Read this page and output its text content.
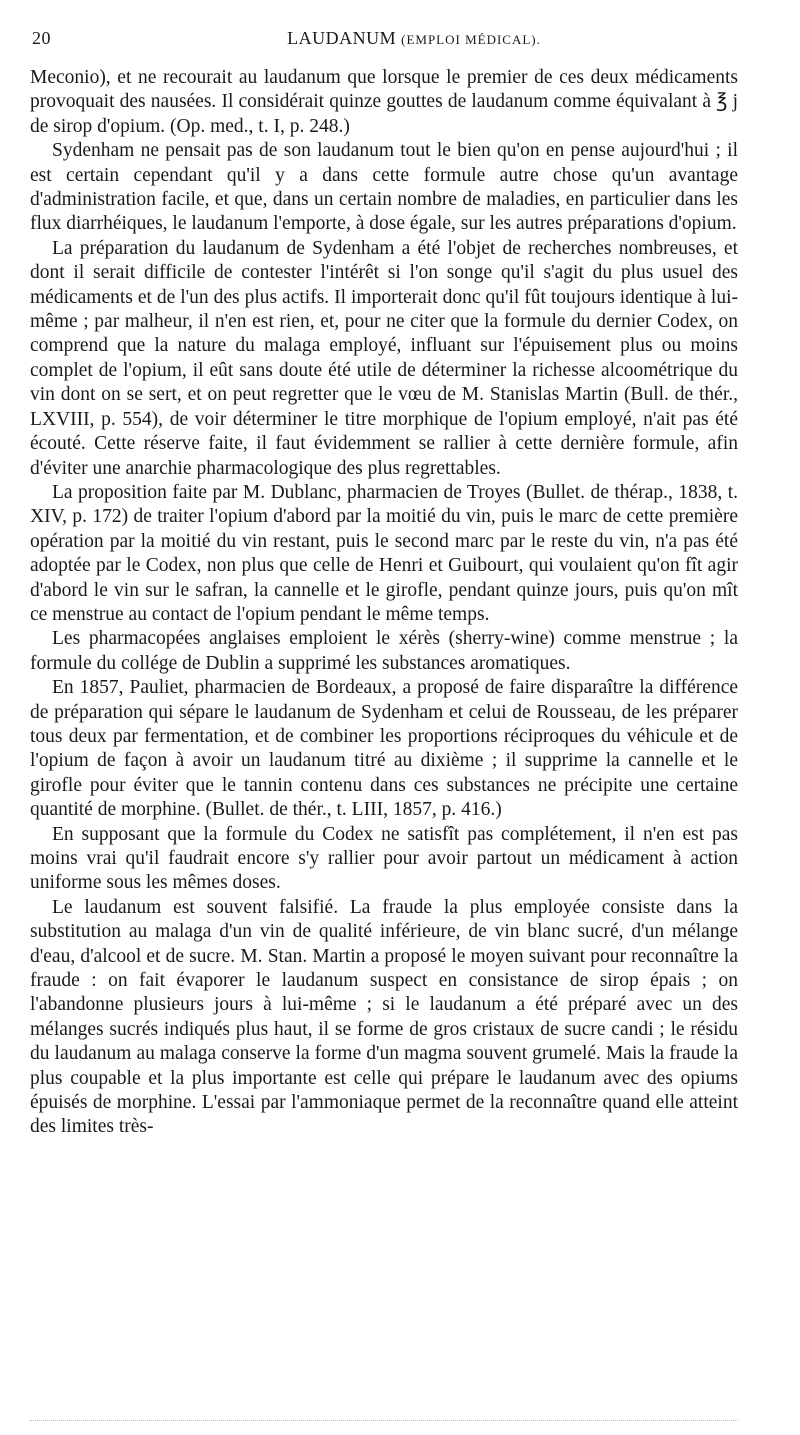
20	LAUDANUM (EMPLOI MÉDICAL).

Meconio), et ne recourait au laudanum que lorsque le premier de ces deux médicaments provoquait des nausées. Il considérait quinze gouttes de laudanum comme équivalant à ℥ j de sirop d'opium. (Op. med., t. I, p. 248.)

Sydenham ne pensait pas de son laudanum tout le bien qu'on en pense aujourd'hui ; il est certain cependant qu'il y a dans cette formule autre chose qu'un avantage d'administration facile, et que, dans un certain nombre de maladies, en particulier dans les flux diarrhéiques, le laudanum l'emporte, à dose égale, sur les autres préparations d'opium.

La préparation du laudanum de Sydenham a été l'objet de recherches nombreuses, et dont il serait difficile de contester l'intérêt si l'on songe qu'il s'agit du plus usuel des médicaments et de l'un des plus actifs. Il importerait donc qu'il fût toujours identique à lui-même ; par malheur, il n'en est rien, et, pour ne citer que la formule du dernier Codex, on comprend que la nature du malaga employé, influant sur l'épuisement plus ou moins complet de l'opium, il eût sans doute été utile de déterminer la richesse alcoométrique du vin dont on se sert, et on peut regretter que le vœu de M. Stanislas Martin (Bull. de thér., LXVIII, p. 554), de voir déterminer le titre morphique de l'opium employé, n'ait pas été écouté. Cette réserve faite, il faut évidemment se rallier à cette dernière formule, afin d'éviter une anarchie pharmacologique des plus regrettables.

La proposition faite par M. Dublanc, pharmacien de Troyes (Bullet. de thérap., 1838, t. XIV, p. 172) de traiter l'opium d'abord par la moitié du vin, puis le marc de cette première opération par la moitié du vin restant, puis le second marc par le reste du vin, n'a pas été adoptée par le Codex, non plus que celle de Henri et Guibourt, qui voulaient qu'on fît agir d'abord le vin sur le safran, la cannelle et le girofle, pendant quinze jours, puis qu'on mît ce menstrue au contact de l'opium pendant le même temps.

Les pharmacopées anglaises emploient le xérès (sherry-wine) comme menstrue ; la formule du collége de Dublin a supprimé les substances aromatiques.

En 1857, Pauliet, pharmacien de Bordeaux, a proposé de faire disparaître la différence de préparation qui sépare le laudanum de Sydenham et celui de Rousseau, de les préparer tous deux par fermentation, et de combiner les proportions réciproques du véhicule et de l'opium de façon à avoir un laudanum titré au dixième ; il supprime la cannelle et le girofle pour éviter que le tannin contenu dans ces substances ne précipite une certaine quantité de morphine. (Bullet. de thér., t. LIII, 1857, p. 416.)

En supposant que la formule du Codex ne satisfît pas complétement, il n'en est pas moins vrai qu'il faudrait encore s'y rallier pour avoir partout un médicament à action uniforme sous les mêmes doses.

Le laudanum est souvent falsifié. La fraude la plus employée consiste dans la substitution au malaga d'un vin de qualité inférieure, de vin blanc sucré, d'un mélange d'eau, d'alcool et de sucre. M. Stan. Martin a proposé le moyen suivant pour reconnaître la fraude : on fait évaporer le laudanum suspect en consistance de sirop épais ; on l'abandonne plusieurs jours à lui-même ; si le laudanum a été préparé avec un des mélanges sucrés indiqués plus haut, il se forme de gros cristaux de sucre candi ; le résidu du laudanum au malaga conserve la forme d'un magma souvent grumelé. Mais la fraude la plus coupable et la plus importante est celle qui prépare le laudanum avec des opiums épuisés de morphine. L'essai par l'ammoniaque permet de la reconnaître quand elle atteint des limites très-
